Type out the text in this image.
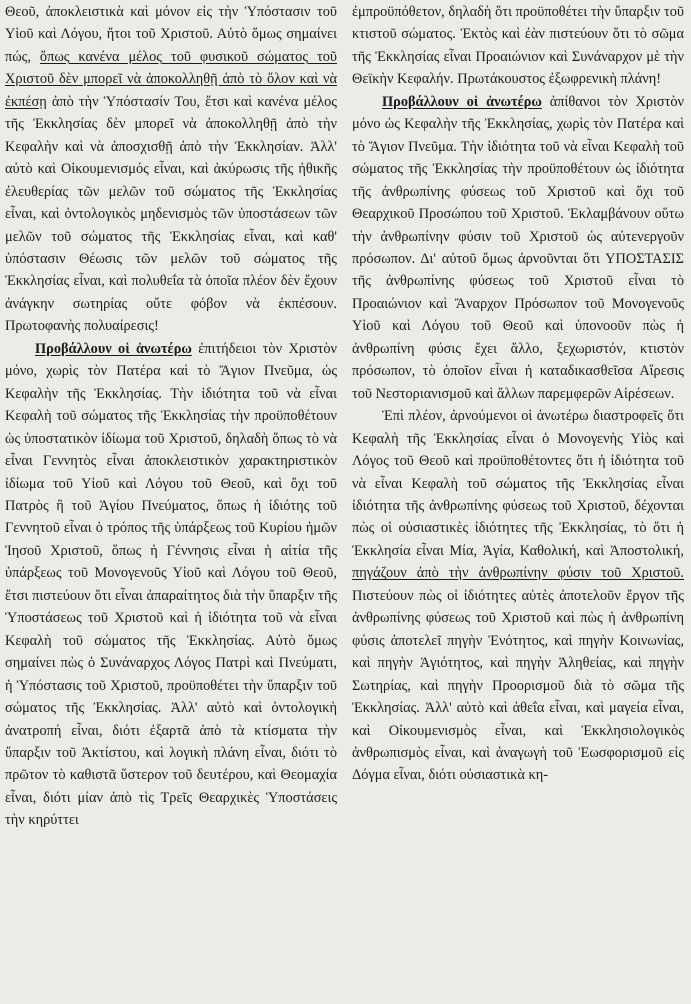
Θεοῦ, ἀποκλειστικὰ καὶ μόνον εἰς τὴν Ὑπόστασιν τοῦ Υἱοῦ καὶ Λόγου, ἤτοι τοῦ Χριστοῦ. Αὐτὸ ὅμως σημαίνει πώς, ὅπως κανένα μέλος τοῦ φυσικοῦ σώματος τοῦ Χριστοῦ δὲν μπορεῖ νὰ ἀποκολληθῇ ἀπὸ τὸ ὅλον καὶ νὰ ἐκπέσῃ ἀπὸ τὴν Ὑπόστασίν Του, ἔτσι καὶ κανένα μέλος τῆς Ἐκκλησίας δὲν μπορεῖ νὰ ἀποκολληθῇ ἀπὸ τὴν Κεφαλὴν καὶ νὰ ἀποσχισθῇ ἀπὸ τὴν Ἐκκλησίαν. Ἀλλ' αὐτὸ καὶ Οἰκουμενισμός εἶναι, καὶ ἀκύρωσις τῆς ἠθικῆς ἐλευθερίας τῶν μελῶν τοῦ σώματος τῆς Ἐκκλησίας εἶναι, καὶ ὀντολογικὸς μηδενισμὸς τῶν ὑποστάσεων τῶν μελῶν τοῦ σώματος τῆς Ἐκκλησίας εἶναι, καὶ καθ' ὑπόστασιν Θέωσις τῶν μελῶν τοῦ σώματος τῆς Ἐκκλησίας εἶναι, καὶ πολυθεΐα τὰ ὁποῖα πλέον δὲν ἔχουν ἀνάγκην σωτηρίας οὔτε φόβον νὰ ἐκπέσουν. Πρωτοφανὴς πολυαίρεσις!

Προβάλλουν οἱ ἀνωτέρω ἐπιτήδειοι τὸν Χριστὸν μόνο, χωρὶς τὸν Πατέρα καὶ τὸ Ἅγιον Πνεῦμα, ὡς Κεφαλὴν τῆς Ἐκκλησίας. Τὴν ἰδιότητα τοῦ νὰ εἶναι Κεφαλὴ τοῦ σώματος τῆς Ἐκκλησίας τὴν προϋποθέτουν ὡς ὑποστατικὸν ἰδίωμα τοῦ Χριστοῦ, δηλαδὴ ὅπως τὸ νὰ εἶναι Γεννητὸς εἶναι ἀποκλειστικὸν χαρακτηριστικὸν ἰδίωμα τοῦ Υἱοῦ καὶ Λόγου τοῦ Θεοῦ, καὶ ὄχι τοῦ Πατρὸς ἢ τοῦ Ἁγίου Πνεύματος, ὅπως ἡ ἰδιότης τοῦ Γεννητοῦ εἶναι ὁ τρόπος τῆς ὑπάρξεως τοῦ Κυρίου ἡμῶν Ἰησοῦ Χριστοῦ, ὅπως ἡ Γέννησις εἶναι ἡ αἰτία τῆς ὑπάρξεως τοῦ Μονογενοῦς Υἱοῦ καὶ Λόγου τοῦ Θεοῦ, ἔτσι πιστεύουν ὅτι εἶναι ἀπαραίτητος διὰ τὴν ὕπαρξιν τῆς Ὑποστάσεως τοῦ Χριστοῦ καὶ ἡ ἰδιότητα τοῦ νὰ εἶναι Κεφαλὴ τοῦ σώματος τῆς Ἐκκλησίας. Αὐτὸ ὅμως σημαίνει πὼς ὁ Συνάναρχος Λόγος Πατρὶ καὶ Πνεύματι, ἡ Ὑπόστασις τοῦ Χριστοῦ, προϋποθέτει τὴν ὕπαρξιν τοῦ σώματος τῆς Ἐκκλησίας. Ἀλλ' αὐτὸ καὶ ὀντολογικὴ ἀνατροπή εἶναι, διότι ἐξαρτᾶ ἀπὸ τὰ κτίσματα τὴν ὕπαρξιν τοῦ Ἀκτίστου, καὶ λογικὴ πλάνη εἶναι, διότι τὸ πρῶτον τὸ καθιστᾶ ὕστερον τοῦ δευτέρου, καὶ Θεομαχία εἶναι, διότι μίαν ἀπὸ τὶς Τρεῖς Θεαρχικὲς Ὑποστάσεις τὴν κηρύττει

ἐμπροϋπόθετον, δηλαδὴ ὅτι προϋποθέτει τὴν ὕπαρξιν τοῦ κτιστοῦ σώματος. Ἐκτὸς καὶ ἐὰν πιστεύουν ὅτι τὸ σῶμα τῆς Ἐκκλησίας εἶναι Προαιώνιον καὶ Συνάναρχον μὲ τὴν Θεϊκὴν Κεφαλήν. Πρωτάκουστος ἐξωφρενικὴ πλάνη!

Προβάλλουν οἱ ἀνωτέρω ἀπίθανοι τὸν Χριστὸν μόνο ὡς Κεφαλὴν τῆς Ἐκκλησίας, χωρὶς τὸν Πατέρα καὶ τὸ Ἅγιον Πνεῦμα. Τὴν ἰδιότητα τοῦ νὰ εἶναι Κεφαλὴ τοῦ σώματος τῆς Ἐκκλησίας τὴν προϋποθέτουν ὡς ἰδιότητα τῆς ἀνθρωπίνης φύσεως τοῦ Χριστοῦ καὶ ὄχι τοῦ Θεαρχικοῦ Προσώπου τοῦ Χριστοῦ. Ἐκλαμβάνουν οὕτω τὴν ἀνθρωπίνην φύσιν τοῦ Χριστοῦ ὡς αὐτενεργοῦν πρόσωπον. Δι' αὐτοῦ ὅμως ἀρνοῦνται ὅτι ΥΠΟΣΤΑΣΙΣ τῆς ἀνθρωπίνης φύσεως τοῦ Χριστοῦ εἶναι τὸ Προαιώνιον καὶ Ἄναρχον Πρόσωπον τοῦ Μονογενοῦς Υἱοῦ καὶ Λόγου τοῦ Θεοῦ καὶ ὑπονοοῦν πὼς ἡ ἀνθρωπίνη φύσις ἔχει ἄλλο, ξεχωριστόν, κτιστὸν πρόσωπον, τὸ ὁποῖον εἶναι ἡ καταδικασθεῖσα Αἵρεσις τοῦ Νεστοριανισμοῦ καὶ ἄλλων παρεμφερῶν Αἱρέσεων.

Ἐπὶ πλέον, ἀρνούμενοι οἱ ἀνωτέρω διαστροφεῖς ὅτι Κεφαλὴ τῆς Ἐκκλησίας εἶναι ὁ Μονογενὴς Υἱὸς καὶ Λόγος τοῦ Θεοῦ καὶ προϋποθέτοντες ὅτι ἡ ἰδιότητα τοῦ νὰ εἶναι Κεφαλὴ τοῦ σώματος τῆς Ἐκκλησίας εἶναι ἰδιότητα τῆς ἀνθρωπίνης φύσεως τοῦ Χριστοῦ, δέχονται πὼς οἱ οὐσιαστικὲς ἰδιότητες τῆς Ἐκκλησίας, τὸ ὅτι ἡ Ἐκκλησία εἶναι Μία, Ἁγία, Καθολική, καὶ Ἀποστολική, πηγάζουν ἀπὸ τὴν ἀνθρωπίνην φύσιν τοῦ Χριστοῦ. Πιστεύουν πὼς οἱ ἰδιότητες αὐτὲς ἀποτελοῦν ἔργον τῆς ἀνθρωπίνης φύσεως τοῦ Χριστοῦ καὶ πὼς ἡ ἀνθρωπίνη φύσις ἀποτελεῖ πηγὴν Ἑνότητος, καὶ πηγὴν Κοινωνίας, καὶ πηγὴν Ἁγιότητος, καὶ πηγὴν Ἀληθείας, καὶ πηγὴν Σωτηρίας, καὶ πηγὴν Προορισμοῦ διὰ τὸ σῶμα τῆς Ἐκκλησίας. Ἀλλ' αὐτὸ καὶ ἀθεΐα εἶναι, καὶ μαγεία εἶναι, καὶ Οἰκουμενισμὸς εἶναι, καὶ Ἐκκλησιολογικὸς ἀνθρωπισμὸς εἶναι, καὶ ἀναγωγὴ τοῦ Ἑωσφορισμοῦ εἰς Δόγμα εἶναι, διότι οὐσιαστικὰ κη-
